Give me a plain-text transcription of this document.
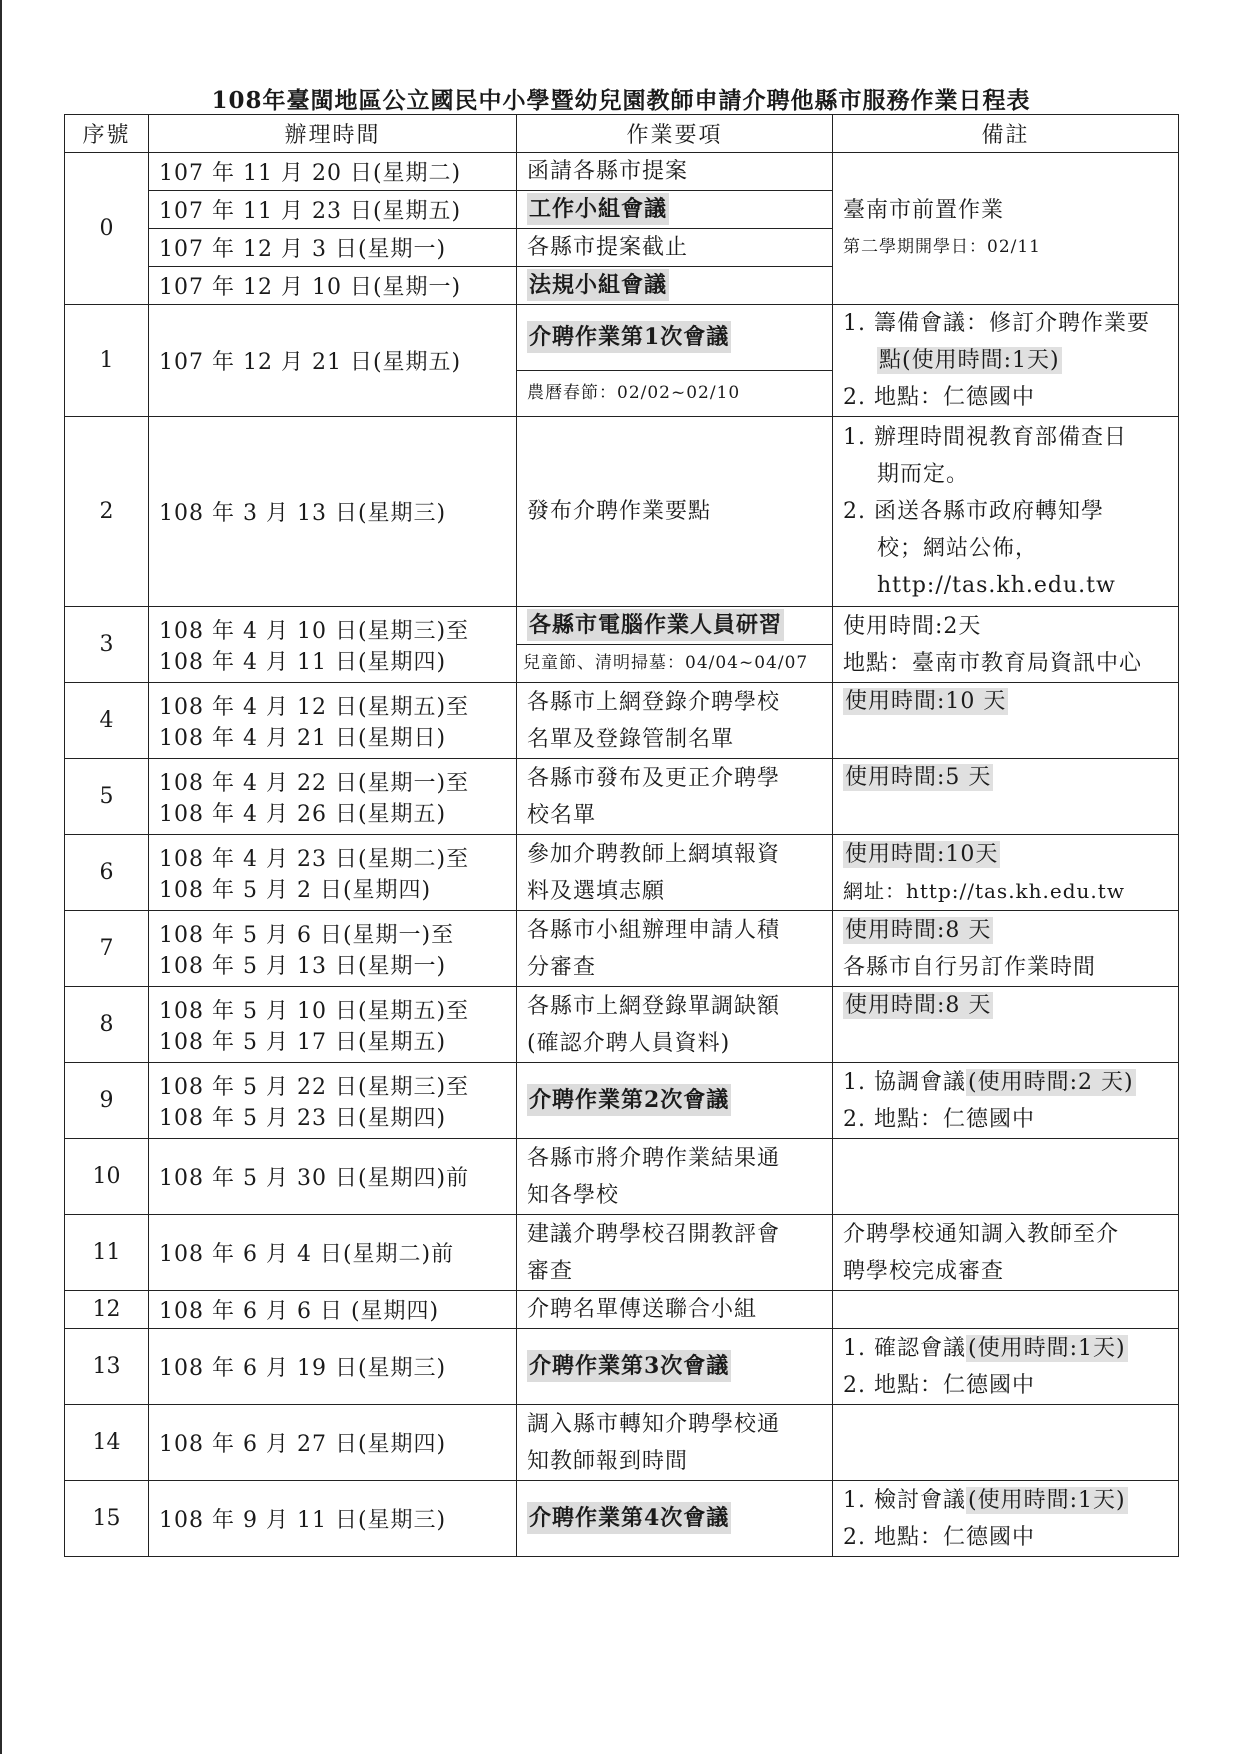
108年臺閩地區公立國民中小學暨幼兒園教師申請介聘他縣市服務作業日程表
序號	辦理時間	作業要項	備註
0	107 年 11 月 20 日(星期二)	函請各縣市提案	臺南市前置作業
第二學期開學日：02/11

	107 年 11 月 23 日(星期五)	工作小組會議	
	107 年 12 月 3 日(星期一)	各縣市提案截止	
	107 年 12 月 10 日(星期一)	法規小組會議	
1	107 年 12 月 21 日(星期五)	介聘作業第1次會議	1. 籌備會議：修訂介聘作業要
點(使用時間:1天)
2. 地點：仁德國中

		農曆春節：02/02~02/10	
2	108 年 3 月 13 日(星期三)	發布介聘作業要點	1. 辦理時間視教育部備查日
期而定。
2. 函送各縣市政府轉知學
校；網站公佈，
http://tas.kh.edu.tw

3	108 年 4 月 10 日(星期三)至
108 年 4 月 11 日(星期四)	各縣市電腦作業人員研習	使用時間:2天
地點：臺南市教育局資訊中心

		兒童節、清明掃墓：04/04~04/07	
4	108 年 4 月 12 日(星期五)至
108 年 4 月 21 日(星期日)	各縣市上網登錄介聘學校
名單及登錄管制名單	使用時間:10 天
5	108 年 4 月 22 日(星期一)至
108 年 4 月 26 日(星期五)	各縣市發布及更正介聘學
校名單	使用時間:5 天
6	108 年 4 月 23 日(星期二)至
108 年 5 月 2 日(星期四)	參加介聘教師上網填報資
料及選填志願	使用時間:10天
網址：http://tas.kh.edu.tw

7	108 年 5 月 6 日(星期一)至
108 年 5 月 13 日(星期一)	各縣市小組辦理申請人積
分審查	使用時間:8 天
各縣市自行另訂作業時間

8	108 年 5 月 10 日(星期五)至
108 年 5 月 17 日(星期五)	各縣市上網登錄單調缺額
(確認介聘人員資料)	使用時間:8 天
9	108 年 5 月 22 日(星期三)至
108 年 5 月 23 日(星期四)	介聘作業第2次會議	1. 協調會議(使用時間:2 天)
2. 地點：仁德國中

10	108 年 5 月 30 日(星期四)前	各縣市將介聘作業結果通
知各學校	

11	108 年 6 月 4 日(星期二)前	建議介聘學校召開教評會
審查	介聘學校通知調入教師至介
聘學校完成審查

12	108 年 6 月 6 日 (星期四)	介聘名單傳送聯合小組	
13	108 年 6 月 19 日(星期三)	介聘作業第3次會議	1. 確認會議(使用時間:1天)
2. 地點：仁德國中

14	108 年 6 月 27 日(星期四)	調入縣市轉知介聘學校通
知教師報到時間	

15	108 年 9 月 11 日(星期三)	介聘作業第4次會議	1. 檢討會議(使用時間:1天)
2. 地點：仁德國中
